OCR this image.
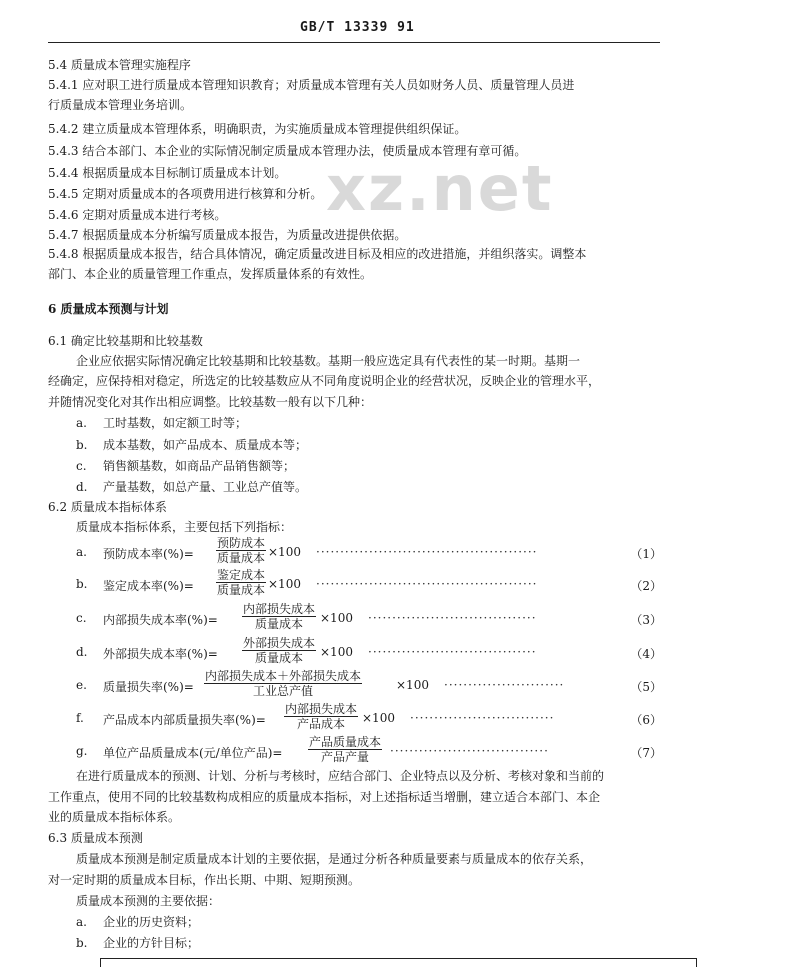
GB/T 13339 91
xz.net
5.4 质量成本管理实施程序
5.4.1 应对职工进行质量成本管理知识教育；对质量成本管理有关人员如财务人员、质量管理人员进
行质量成本管理业务培训。
5.4.2 建立质量成本管理体系，明确职责，为实施质量成本管理提供组织保证。
5.4.3 结合本部门、本企业的实际情况制定质量成本管理办法，使质量成本管理有章可循。
5.4.4 根据质量成本目标制订质量成本计划。
5.4.5 定期对质量成本的各项费用进行核算和分析。
5.4.6 定期对质量成本进行考核。
5.4.7 根据质量成本分析编写质量成本报告，为质量改进提供依据。
5.4.8 根据质量成本报告，结合具体情况，确定质量改进目标及相应的改进措施，并组织落实。调整本
部门、本企业的质量管理工作重点，发挥质量体系的有效性。
6 质量成本预测与计划
6.1 确定比较基期和比较基数
企业应依据实际情况确定比较基期和比较基数。基期一般应选定具有代表性的某一时期。基期一
经确定，应保持相对稳定，所选定的比较基数应从不同角度说明企业的经营状况，反映企业的管理水平，
并随情况变化对其作出相应调整。比较基数一般有以下几种：
a. 工时基数，如定额工时等；
b. 成本基数，如产品成本、质量成本等；
c. 销售额基数，如商品产品销售额等；
d. 产量基数，如总产量、工业总产值等。
6.2 质量成本指标体系
质量成本指标体系，主要包括下列指标：
a.	预防成本率(%)=
预防成本
质量成本 ×100 ··············································	（1）
b.	鉴定成本率(%)=
鉴定成本
质量成本 ×100 ··············································	（2）
c.	内部损失成本率(%)=
内部损失成本
质量成本	×100 ···································	（3）
d.	外部损失成本率(%)=
外部损失成本
质量成本	×100 ···································	（4）
e.	质量损失率(%)=
内部损失成本＋外部损失成本
工业总产值	×100 ·························	（5）
f.	产品成本内部质量损失率(%)=
内部损失成本
产品成本	×100 ······························	（6）
g.	单位产品质量成本(元/单位产品)=
产品质量成本
产品产量	·································	（7）
在进行质量成本的预测、计划、分析与考核时，应结合部门、企业特点以及分析、考核对象和当前的
工作重点，使用不同的比较基数构成相应的质量成本指标，对上述指标适当增删，建立适合本部门、本企
业的质量成本指标体系。
6.3 质量成本预测
质量成本预测是制定质量成本计划的主要依据，是通过分析各种质量要素与质量成本的依存关系，
对一定时期的质量成本目标，作出长期、中期、短期预测。
质量成本预测的主要依据：
a. 企业的历史资料；
b. 企业的方针目标；
